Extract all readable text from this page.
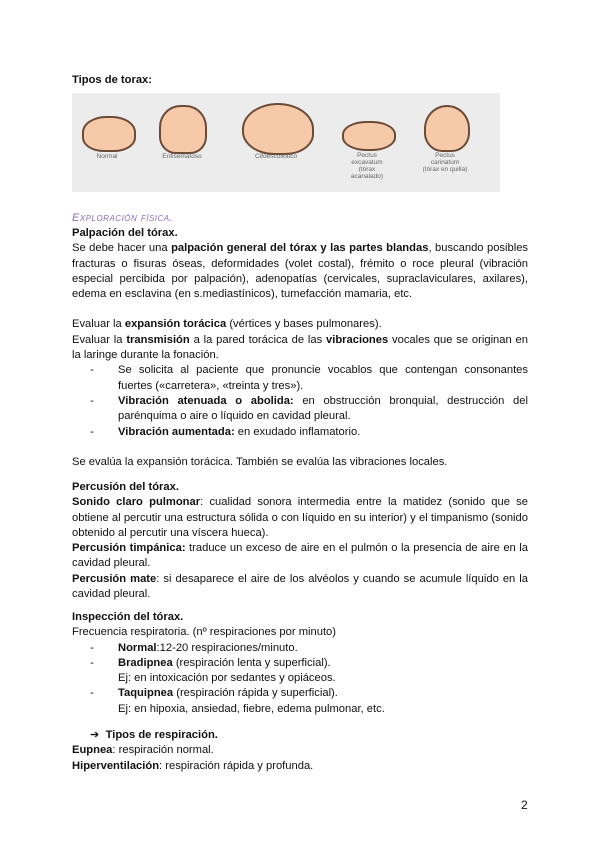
Tipos de torax:
Normal	Enfisematoso	Cifoescoliótico	Pectus excavatum (tórax acanalado)
Pectus carinatum (tórax en quilla)
Exploración física.
Palpación del tórax.
Se debe hacer una palpación general del tórax y las partes blandas, buscando posibles fracturas o fisuras óseas, deformidades (volet costal), frémito o roce pleural (vibración especial percibida por palpación), adenopatías (cervicales, supraclaviculares, axilares), edema en esclavina (en s.mediastínicos), tumefacción mamaria, etc.
Evaluar la expansión torácica (vértices y bases pulmonares).
Evaluar la transmisión a la pared torácica de las vibraciones vocales que se originan en la laringe durante la fonación.
- Se solicita al paciente que pronuncie vocablos que contengan consonantes fuertes («carretera», «treinta y tres»).
- Vibración atenuada o abolida: en obstrucción bronquial, destrucción del parénquima o aire o líquido en cavidad pleural.
- Vibración aumentada: en exudado inflamatorio.
Se evalúa la expansión torácica. También se evalúa las vibraciones locales.
Percusión del tórax.
Sonido claro pulmonar: cualidad sonora intermedia entre la matidez (sonido que se obtiene al percutir una estructura sólida o con líquido en su interior) y el timpanismo (sonido obtenido al percutir una víscera hueca).
Percusión timpánica: traduce un exceso de aire en el pulmón o la presencia de aire en la cavidad pleural.
Percusión mate: si desaparece el aire de los alvéolos y cuando se acumule líquido en la cavidad pleural.
Inspección del tórax.
Frecuencia respiratoria. (nº respiraciones por minuto)
- Normal:12-20 respiraciones/minuto.
- Bradipnea (respiración lenta y superficial).
Ej: en intoxicación por sedantes y opiáceos.
- Taquipnea (respiración rápida y superficial).
Ej: en hipoxia, ansiedad, fiebre, edema pulmonar, etc.
➔ Tipos de respiración.
Eupnea: respiración normal.
Hiperventilación: respiración rápida y profunda.
2
